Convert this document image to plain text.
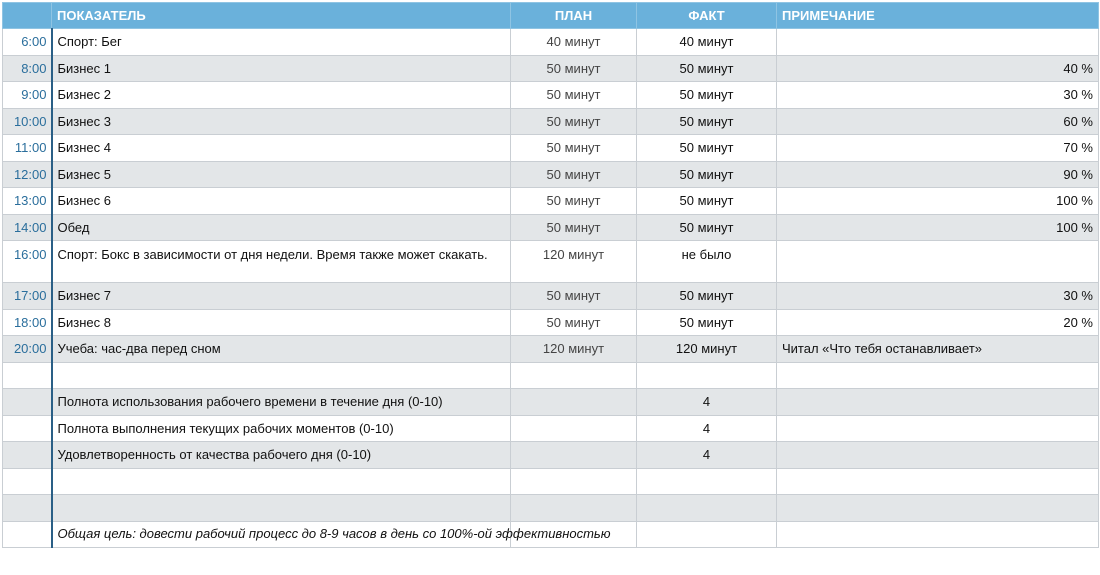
	ПОКАЗАТЕЛЬ	ПЛАН	ФАКТ	ПРИМЕЧАНИЕ
6:00	Спорт: Бег	40 минут	40 минут	
8:00	Бизнес 1	50 минут	50 минут	40 %
9:00	Бизнес 2	50 минут	50 минут	30 %
10:00	Бизнес 3	50 минут	50 минут	60 %
11:00	Бизнес 4	50 минут	50 минут	70 %
12:00	Бизнес 5	50 минут	50 минут	90 %
13:00	Бизнес 6	50 минут	50 минут	100 %
14:00	Обед	50 минут	50 минут	100 %
16:00	Спорт: Бокс в зависимости от дня недели. Время также может скакать.	120 минут	не было	
17:00	Бизнес 7	50 минут	50 минут	30 %
18:00	Бизнес 8	50 минут	50 минут	20 %
20:00	Учеба: час-два перед сном	120 минут	120 минут	Читал «Что тебя останавливает»

	Полнота использования рабочего времени в течение дня (0-10)		4	
	Полнота выполнения текущих рабочих моментов (0-10)		4	
	Удовлетворенность от качества рабочего дня (0-10)		4	

	Общая цель: довести рабочий процесс до 8-9 часов в день со 100%-ой эффективностью			
